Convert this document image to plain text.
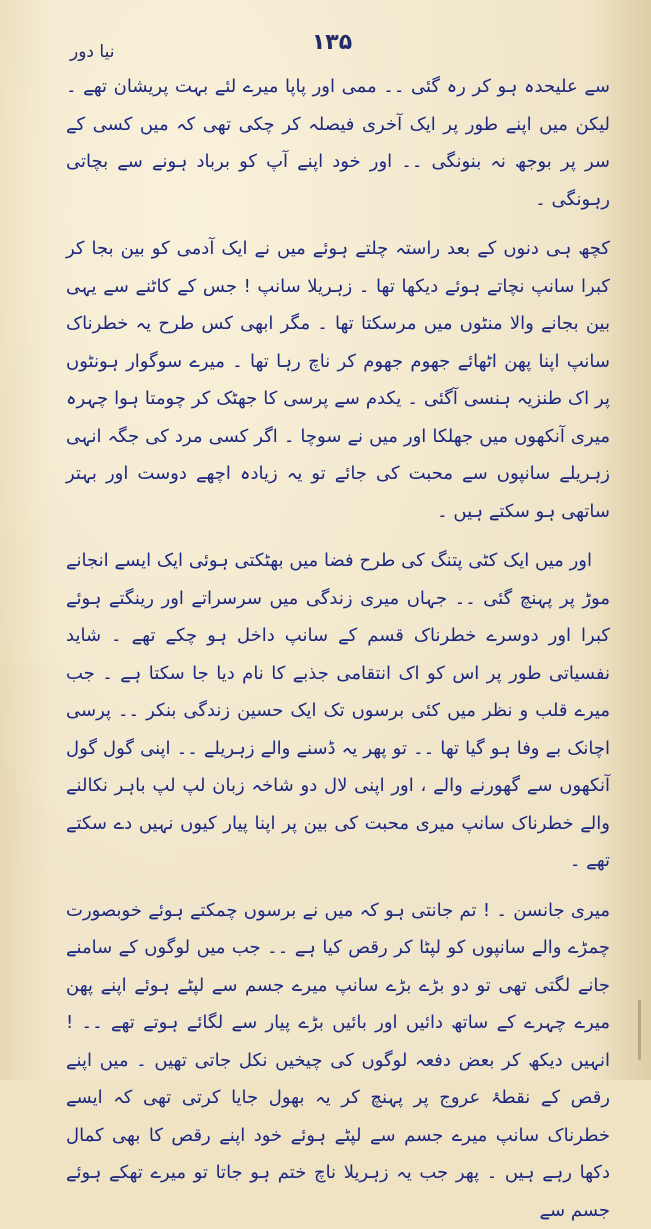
١٣۵
نیا دور

سے علیحدہ ہو کر رہ گئی ۔۔ ممی اور پاپا میرے لئے بہت پریشان تھے ۔ لیکن میں اپنے طور پر ایک آخری فیصلہ کر چکی تھی کہ میں کسی کے سر پر بوجھ نہ بنونگی ۔۔ اور خود اپنے آپ کو برباد ہونے سے بچاتی رہونگی ۔

کچھ ہی دنوں کے بعد راستہ چلتے ہوئے میں نے ایک آدمی کو بین بجا کر کبرا سانپ نچاتے ہوئے دیکھا تھا ۔ زہریلا سانپ ! جس کے کاٹنے سے یہی بین بجانے والا منٹوں میں مرسکتا تھا ۔ مگر ابھی کس طرح یہ خطرناک سانپ اپنا پھن اٹھائے جھوم جھوم کر ناچ رہا تھا ۔ میرے سوگوار ہونٹوں پر اک طنزیہ ہنسی آگئی ۔ یکدم سے پرسی کا جھٹک کر چومتا ہوا چہرہ میری آنکھوں میں جھلکا اور میں نے سوچا ۔ اگر کسی مرد کی جگہ انہی زہریلے سانپوں سے محبت کی جائے تو یہ زیادہ اچھے دوست اور بہتر ساتھی ہو سکتے ہیں ۔

اور میں ایک کٹی پتنگ کی طرح فضا میں بھٹکتی ہوئی ایک ایسے انجانے موڑ پر پہنچ گئی ۔۔ جہاں میری زندگی میں سرسراتے اور رینگتے ہوئے کبرا اور دوسرے خطرناک قسم کے سانپ داخل ہو چکے تھے ۔ شاید نفسیاتی طور پر اس کو اک انتقامی جذبے کا نام دیا جا سکتا ہے ۔ جب میرے قلب و نظر میں کئی برسوں تک ایک حسین زندگی بنکر ۔۔ پرسی اچانک بے وفا ہو گیا تھا ۔۔ تو پھر یہ ڈسنے والے زہریلے ۔۔ اپنی گول گول آنکھوں سے گھورنے والے ، اور اپنی لال دو شاخہ زبان لپ لپ باہر نکالنے والے خطرناک سانپ میری محبت کی بین پر اپنا پیار کیوں نہیں دے سکتے تھے ۔

میری جانسن ۔ ! تم جانتی ہو کہ میں نے برسوں چمکتے ہوئے خوبصورت چمڑے والے سانپوں کو لپٹا کر رقص کیا ہے ۔۔ جب میں لوگوں کے سامنے جانے لگتی تھی تو دو بڑے بڑے سانپ میرے جسم سے لپٹے ہوئے اپنے پھن میرے چہرے کے ساتھ دائیں اور بائیں بڑے پیار سے لگائے ہوتے تھے ۔۔ ! انہیں دیکھ کر بعض دفعہ لوگوں کی چیخیں نکل جاتی تھیں ۔ میں اپنے رقص کے نقطۂ عروج پر پہنچ کر یہ بھول جایا کرتی تھی کہ ایسے خطرناک سانپ میرے جسم سے لپٹے ہوئے خود اپنے رقص کا بھی کمال دکھا رہے ہیں ۔ پھر جب یہ زہریلا ناچ ختم ہو جاتا تو میرے تھکے ہوئے جسم سے
